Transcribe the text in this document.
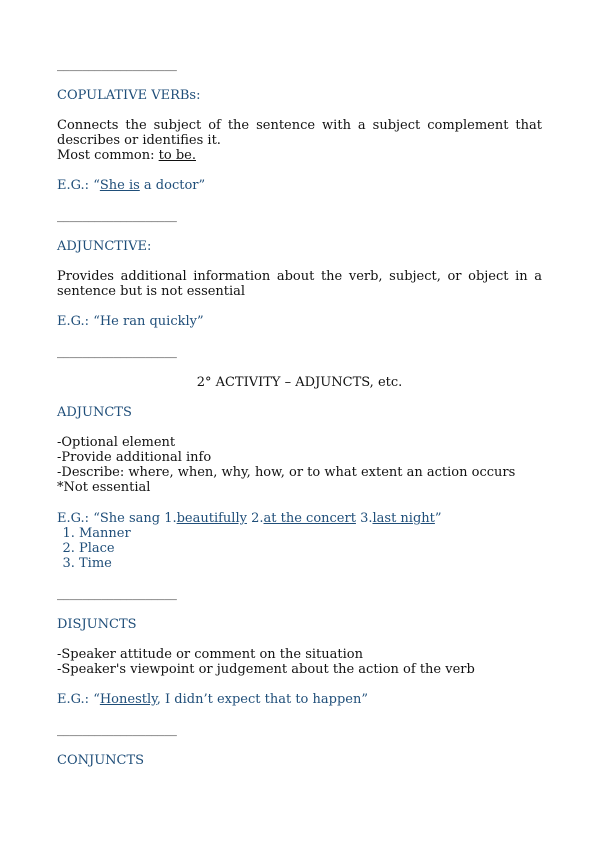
___________________
COPULATIVE VERBs:
Connects the subject of the sentence with a subject complement that describes or identifies it.
Most common: to be.
E.G.: “She is a doctor”
___________________
ADJUNCTIVE:
Provides additional information about the verb, subject, or object in a sentence but is not essential
E.G.: “He ran quickly”
___________________
2° ACTIVITY – ADJUNCTS, etc.
ADJUNCTS
-Optional element
-Provide additional info
-Describe: where, when, why, how, or to what extent an action occurs
*Not essential
E.G.: “She sang 1.beautifully 2.at the concert 3.last night”
1. Manner
2. Place
3. Time
___________________
DISJUNCTS
-Speaker attitude or comment on the situation
-Speaker's viewpoint or judgement about the action of the verb
E.G.: “Honestly, I didn’t expect that to happen”
___________________
CONJUNCTS
